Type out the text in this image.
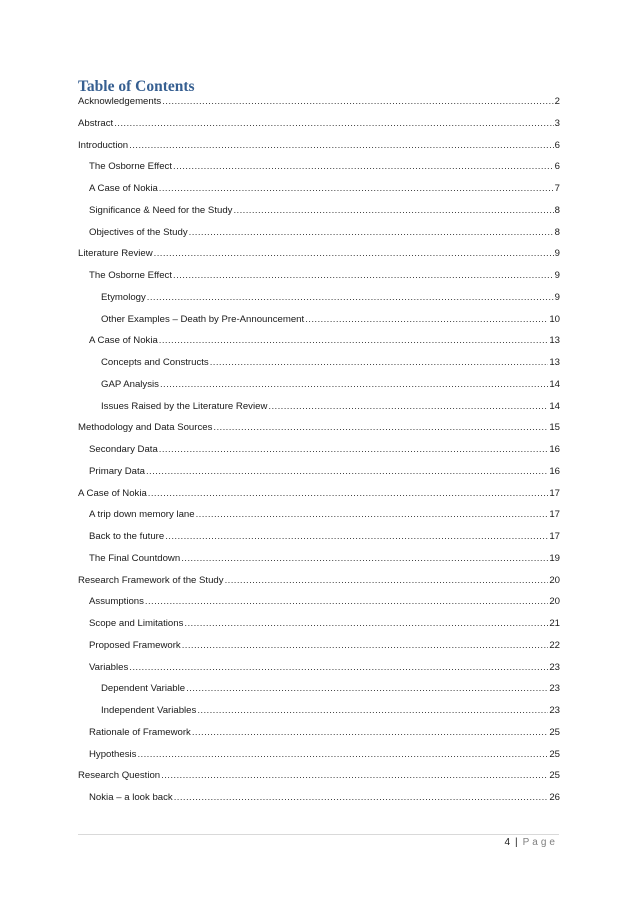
Table of Contents
Acknowledgements .....	2
Abstract .....	3
Introduction .....	6
The Osborne Effect .....	6
A Case of Nokia .....	7
Significance & Need for the Study .....	8
Objectives of the Study .....	8
Literature Review .....	9
The Osborne Effect .....	9
Etymology .....	9
Other Examples – Death by Pre-Announcement .....	10
A Case of Nokia .....	13
Concepts and Constructs .....	13
GAP Analysis .....	14
Issues Raised by the Literature Review .....	14
Methodology and Data Sources .....	15
Secondary Data .....	16
Primary Data .....	16
A Case of Nokia .....	17
A trip down memory lane .....	17
Back to the future .....	17
The Final Countdown .....	19
Research Framework of the Study .....	20
Assumptions .....	20
Scope and Limitations .....	21
Proposed Framework .....	22
Variables .....	23
Dependent Variable .....	23
Independent Variables .....	23
Rationale of Framework .....	25
Hypothesis .....	25
Research Question .....	25
Nokia – a look back .....	26
4 | Page
